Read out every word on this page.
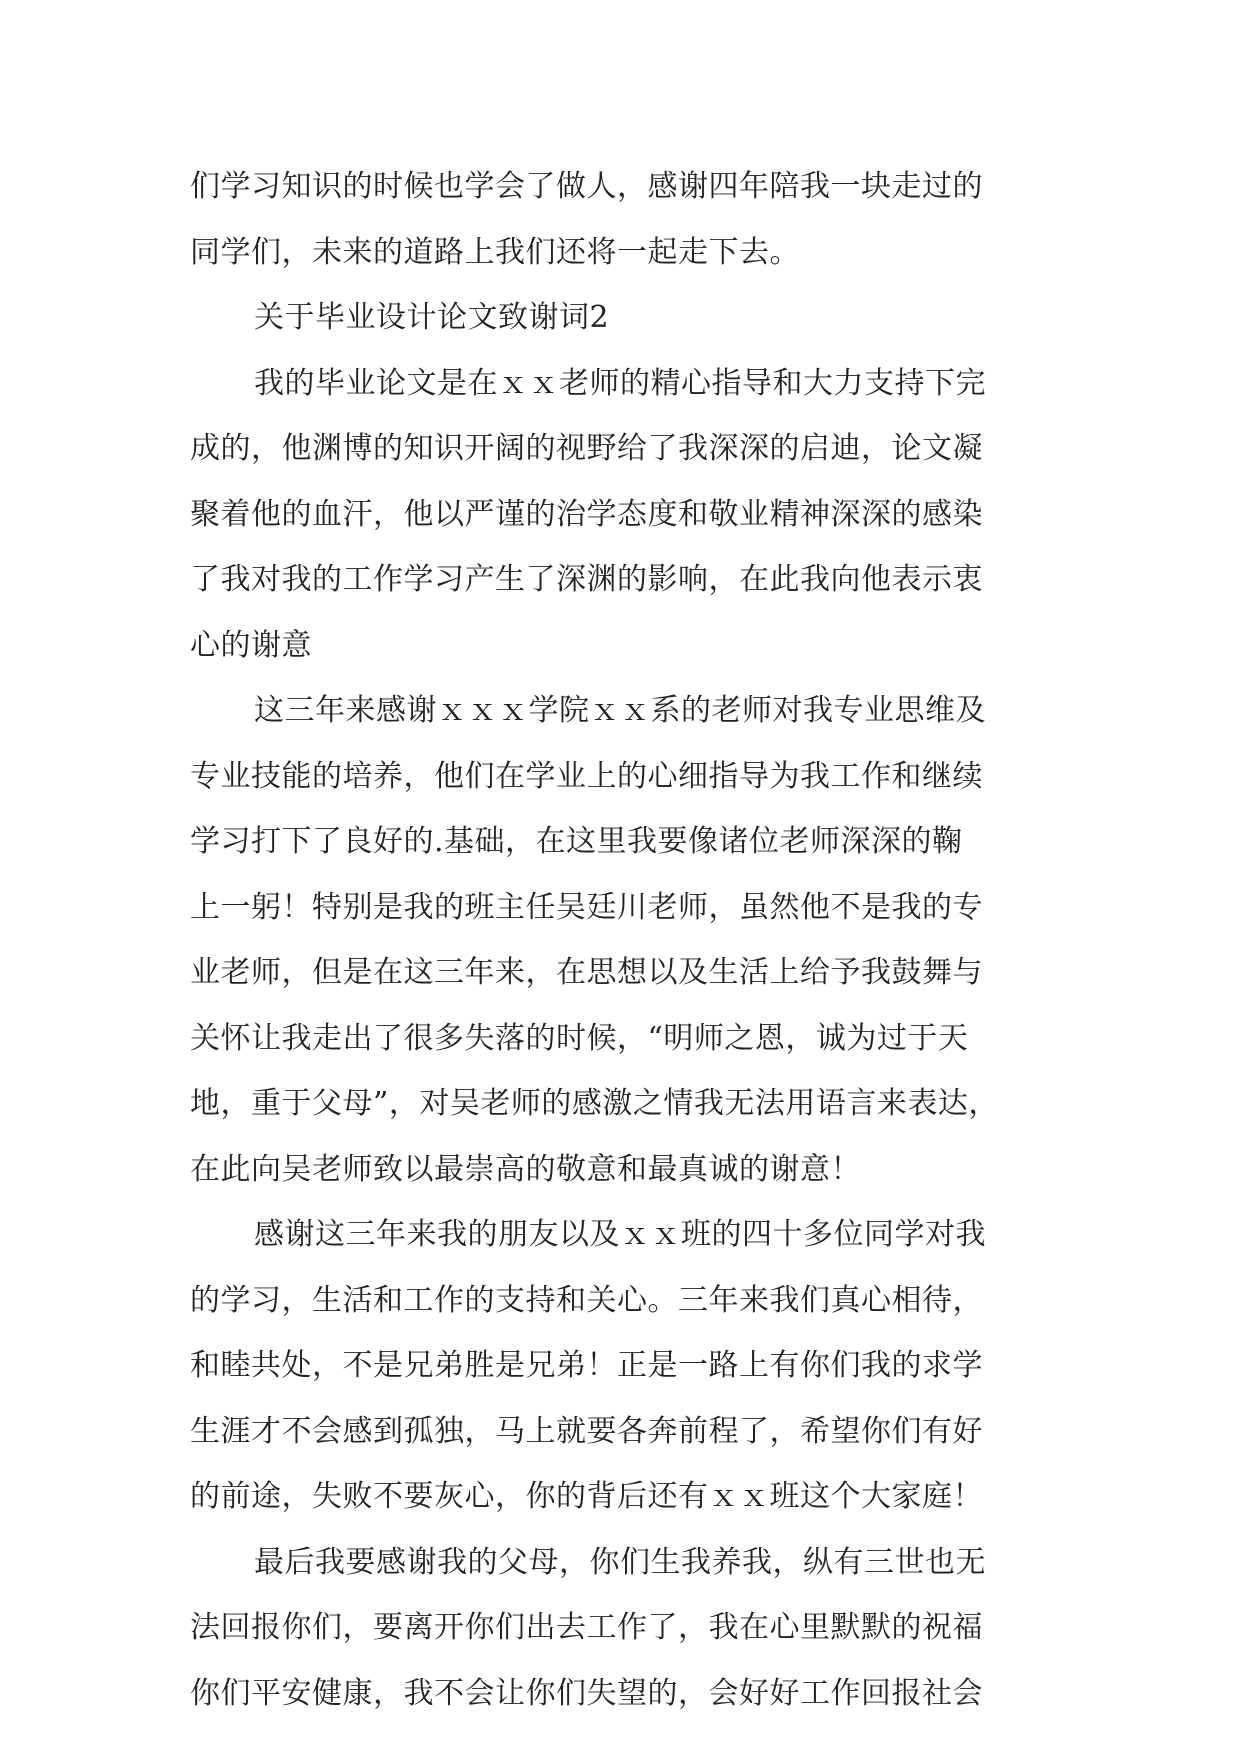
们学习知识的时候也学会了做人，感谢四年陪我一块走过的
同学们，未来的道路上我们还将一起走下去。
关于毕业设计论文致谢词2
我的毕业论文是在ｘｘ老师的精心指导和大力支持下完
成的，他渊博的知识开阔的视野给了我深深的启迪，论文凝
聚着他的血汗，他以严谨的治学态度和敬业精神深深的感染
了我对我的工作学习产生了深渊的影响，在此我向他表示衷
心的谢意
这三年来感谢ｘｘｘ学院ｘｘ系的老师对我专业思维及
专业技能的培养，他们在学业上的心细指导为我工作和继续
学习打下了良好的.基础，在这里我要像诸位老师深深的鞠
上一躬！特别是我的班主任吴廷川老师，虽然他不是我的专
业老师，但是在这三年来，在思想以及生活上给予我鼓舞与
关怀让我走出了很多失落的时候，“明师之恩，诚为过于天
地，重于父母”，对吴老师的感激之情我无法用语言来表达，
在此向吴老师致以最崇高的敬意和最真诚的谢意！
感谢这三年来我的朋友以及ｘｘ班的四十多位同学对我
的学习，生活和工作的支持和关心。三年来我们真心相待，
和睦共处，不是兄弟胜是兄弟！正是一路上有你们我的求学
生涯才不会感到孤独，马上就要各奔前程了，希望你们有好
的前途，失败不要灰心，你的背后还有ｘｘ班这个大家庭！
最后我要感谢我的父母，你们生我养我，纵有三世也无
法回报你们，要离开你们出去工作了，我在心里默默的祝福
你们平安健康，我不会让你们失望的，会好好工作回报社会
